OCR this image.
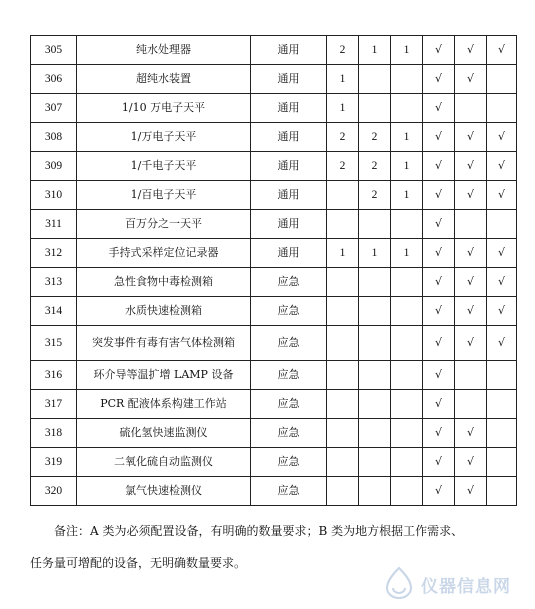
305	纯水处理器	通用	2	1	1	√	√	√
306	超纯水装置	通用	1			√	√	
307	1/10 万电子天平	通用	1			√		
308	1/万电子天平	通用	2	2	1	√	√	√
309	1/千电子天平	通用	2	2	1	√	√	√
310	1/百电子天平	通用		2	1	√	√	√
311	百万分之一天平	通用				√		
312	手持式采样定位记录器	通用	1	1	1	√	√	√
313	急性食物中毒检测箱	应急				√	√	√
314	水质快速检测箱	应急				√	√	√
315	突发事件有毒有害气体检测箱	应急				√	√	√
316	环介导等温扩增 LAMP 设备	应急				√		
317	PCR 配液体系构建工作站	应急				√		
318	硫化氢快速监测仪	应急				√	√	
319	二氧化硫自动监测仪	应急				√	√	
320	氯气快速检测仪	应急				√	√	
备注：A 类为必须配置设备，有明确的数量要求；B 类为地方根据工作需求、
任务量可增配的设备，无明确数量要求。
仪器信息网
